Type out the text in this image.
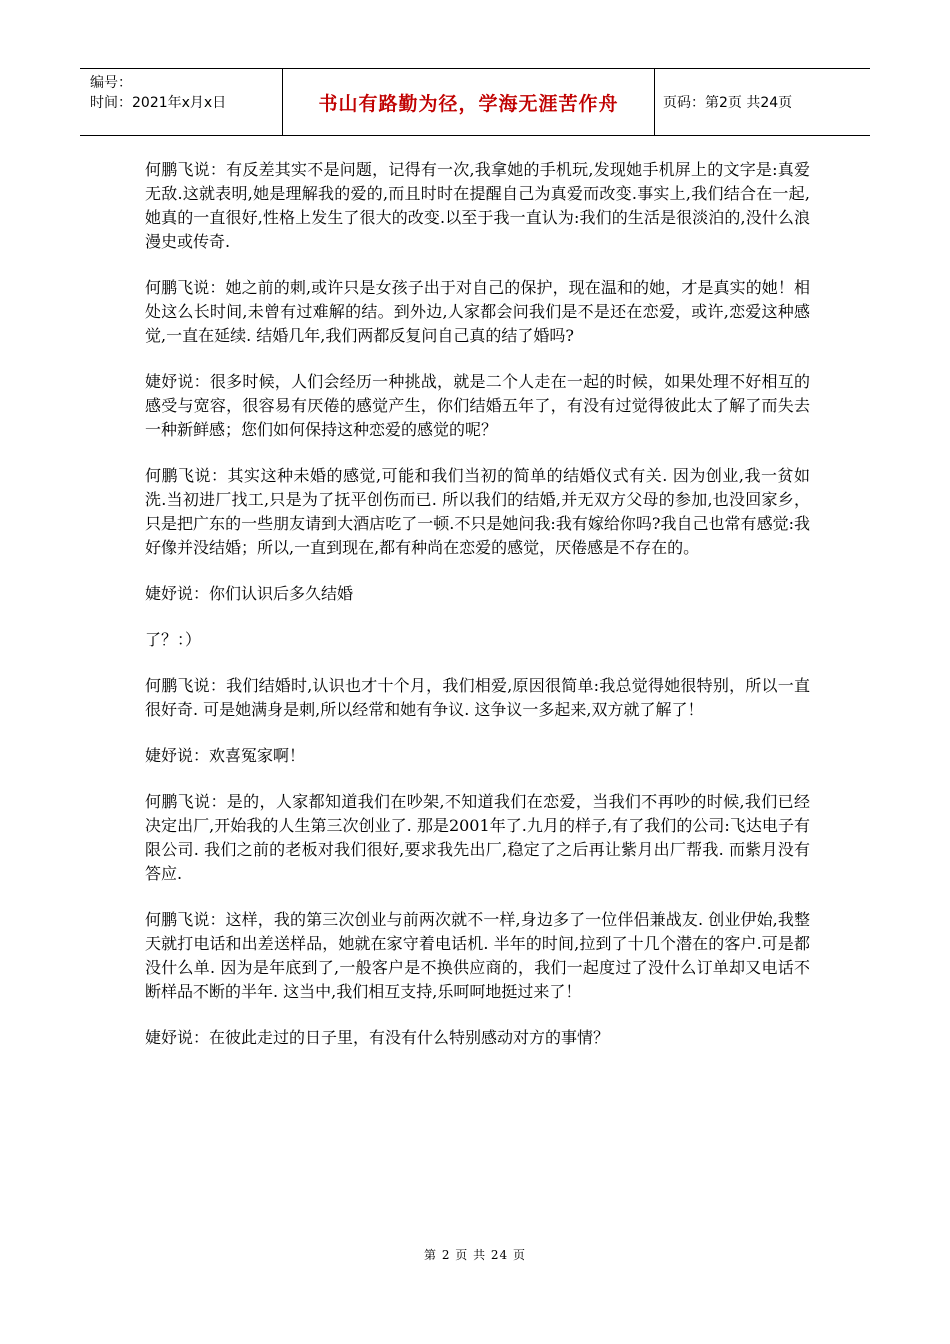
编号：
时间：2021年x月x日	书山有路勤为径，学海无涯苦作舟	页码：第2页 共24页

何鹏飞说：有反差其实不是问题，记得有一次,我拿她的手机玩,发现她手机屏上的文字是:真爱无敌.这就表明,她是理解我的爱的,而且时时在提醒自己为真爱而改变.事实上,我们结合在一起,她真的一直很好,性格上发生了很大的改变.以至于我一直认为:我们的生活是很淡泊的,没什么浪漫史或传奇.

何鹏飞说：她之前的刺,或许只是女孩子出于对自己的保护，现在温和的她，才是真实的她！相处这么长时间,未曾有过难解的结。到外边,人家都会问我们是不是还在恋爱，或许,恋爱这种感觉,一直在延续. 结婚几年,我们两都反复问自己真的结了婚吗?

婕妤说：很多时候，人们会经历一种挑战，就是二个人走在一起的时候，如果处理不好相互的感受与宽容，很容易有厌倦的感觉产生，你们结婚五年了，有没有过觉得彼此太了解了而失去一种新鲜感；您们如何保持这种恋爱的感觉的呢？

何鹏飞说：其实这种未婚的感觉,可能和我们当初的简单的结婚仪式有关. 因为创业,我一贫如洗.当初进厂找工,只是为了抚平创伤而已. 所以我们的结婚,并无双方父母的参加,也没回家乡，只是把广东的一些朋友请到大酒店吃了一顿.不只是她问我:我有嫁给你吗?我自己也常有感觉:我好像并没结婚；所以,一直到现在,都有种尚在恋爱的感觉，厌倦感是不存在的。

婕妤说：你们认识后多久结婚

了？：）

何鹏飞说：我们结婚时,认识也才十个月，我们相爱,原因很简单:我总觉得她很特别，所以一直很好奇. 可是她满身是刺,所以经常和她有争议. 这争议一多起来,双方就了解了！

婕妤说：欢喜冤家啊！

何鹏飞说：是的，人家都知道我们在吵架,不知道我们在恋爱，当我们不再吵的时候,我们已经决定出厂,开始我的人生第三次创业了. 那是2001年了.九月的样子,有了我们的公司:飞达电子有限公司. 我们之前的老板对我们很好,要求我先出厂,稳定了之后再让紫月出厂帮我. 而紫月没有答应.

何鹏飞说：这样，我的第三次创业与前两次就不一样,身边多了一位伴侣兼战友. 创业伊始,我整天就打电话和出差送样品，她就在家守着电话机. 半年的时间,拉到了十几个潜在的客户.可是都没什么单. 因为是年底到了,一般客户是不换供应商的，我们一起度过了没什么订单却又电话不断样品不断的半年. 这当中,我们相互支持,乐呵呵地挺过来了！

婕妤说：在彼此走过的日子里，有没有什么特别感动对方的事情？

第 2 页 共 24 页
